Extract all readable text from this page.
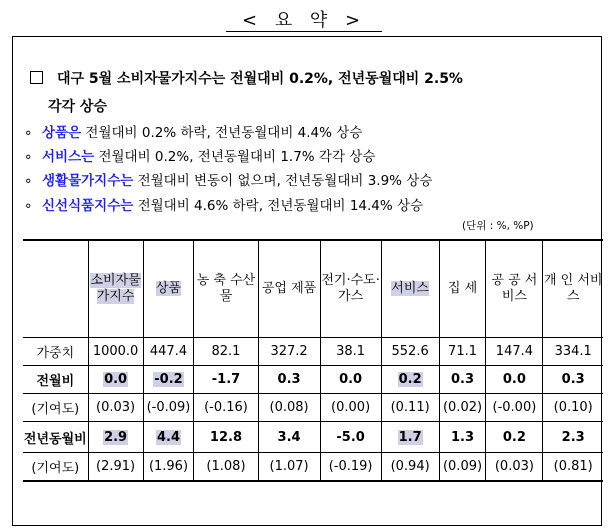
< 요 약 >
대구 5월 소비자물가지수는 전월대비 0.2%, 전년동월대비 2.5%
각각 상승
∘ 상품은 전월대비 0.2% 하락, 전년동월대비 4.4% 상승
∘ 서비스는 전월대비 0.2%, 전년동월대비 1.7% 각각 상승
∘ 생활물가지수는 전월대비 변동이 없으며, 전년동월대비 3.9% 상승
∘ 신선식품지수는 전월대비 4.6% 하락, 전년동월대비 14.4% 상승
(단위 : %, %P)
	소비자물가지수	상품	농 축 수산물	공업 제품	전기·수도·가스	서비스	집 세	공 공 서비스	개 인 서비스
가중치	1000.0	447.4	82.1	327.2	38.1	552.6	71.1	147.4	334.1
전월비	0.0	-0.2	-1.7	0.3	0.0	0.2	0.3	0.0	0.3
(기여도)	(0.03)	(-0.09)	(-0.16)	(0.08)	(0.00)	(0.11)	(0.02)	(-0.00)	(0.10)
전년동월비	2.9	4.4	12.8	3.4	-5.0	1.7	1.3	0.2	2.3
(기여도)	(2.91)	(1.96)	(1.08)	(1.07)	(-0.19)	(0.94)	(0.09)	(0.03)	(0.81)
